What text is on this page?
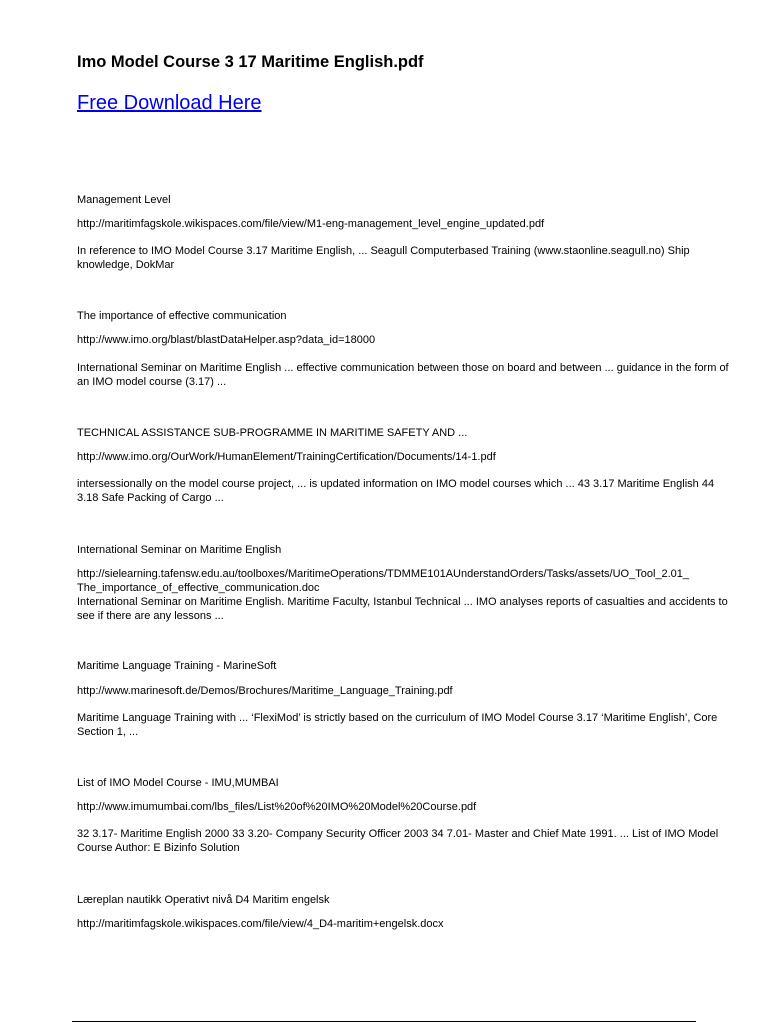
Imo Model Course 3 17 Maritime English.pdf
Free Download Here
Management Level
http://maritimfagskole.wikispaces.com/file/view/M1-eng-management_level_engine_updated.pdf
In reference to IMO Model Course 3.17 Maritime English, ... Seagull Computerbased Training (www.staonline.seagull.no) Ship knowledge, DokMar
The importance of effective communication
http://www.imo.org/blast/blastDataHelper.asp?data_id=18000
International Seminar on Maritime English ... effective communication between those on board and between ... guidance in the form of an IMO model course (3.17) ...
TECHNICAL ASSISTANCE SUB-PROGRAMME IN MARITIME SAFETY AND ...
http://www.imo.org/OurWork/HumanElement/TrainingCertification/Documents/14-1.pdf
intersessionally on the model course project, ... is updated information on IMO model courses which ... 43 3.17 Maritime English 44 3.18 Safe Packing of Cargo ...
International Seminar on Maritime English
http://sielearning.tafensw.edu.au/toolboxes/MaritimeOperations/TDMME101AUnderstandOrders/Tasks/assets/UO_Tool_2.01_
The_importance_of_effective_communication.doc
International Seminar on Maritime English. Maritime Faculty, Istanbul Technical ... IMO analyses reports of casualties and accidents to see if there are any lessons ...
Maritime Language Training - MarineSoft
http://www.marinesoft.de/Demos/Brochures/Maritime_Language_Training.pdf
Maritime Language Training with ... ‘FlexiMod’ is strictly based on the curriculum of IMO Model Course 3.17 ‘Maritime English’, Core Section 1, ...
List of IMO Model Course - IMU,MUMBAI
http://www.imumumbai.com/lbs_files/List%20of%20IMO%20Model%20Course.pdf
32 3.17- Maritime English 2000 33 3.20- Company Security Officer 2003 34 7.01- Master and Chief Mate 1991. ... List of IMO Model Course Author: E Bizinfo Solution
Læreplan nautikk Operativt nivå D4 Maritim engelsk
http://maritimfagskole.wikispaces.com/file/view/4_D4-maritim+engelsk.docx
